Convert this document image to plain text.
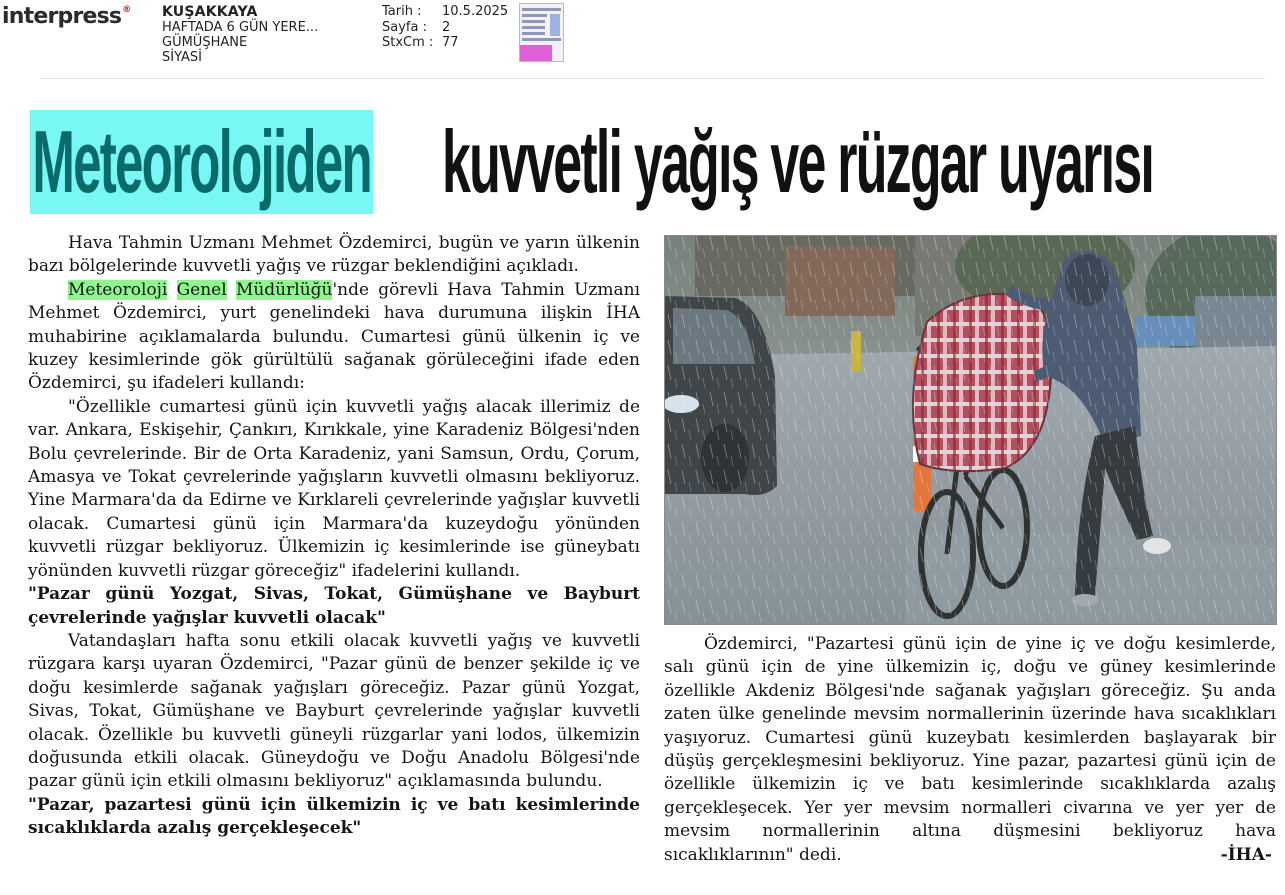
interpress® KUŞAKKAYA
HAFTADA 6 GÜN YERE...
GÜMÜŞHANE
SİYASİ
Tarih :	10.5.2025
Sayfa :	2
StxCm : 77
Meteorolojiden kuvvetli yağış ve rüzgar uyarısı

Hava Tahmin Uzmanı Mehmet Özdemirci, bugün ve yarın ülkenin bazı bölgelerinde kuvvetli yağış ve rüzgar beklendiğini açıkladı.

Meteoroloji Genel Müdürlüğü'nde görevli Hava Tahmin Uzmanı Mehmet Özdemirci, yurt genelindeki hava durumuna ilişkin İHA muhabirine açıklamalarda bulundu. Cumartesi günü ülkenin iç ve kuzey kesimlerinde gök gürültülü sağanak görüleceğini ifade eden Özdemirci, şu ifadeleri kullandı:

"Özellikle cumartesi günü için kuvvetli yağış alacak illerimiz de var. Ankara, Eskişehir, Çankırı, Kırıkkale, yine Karadeniz Bölgesi'nden Bolu çevrelerinde. Bir de Orta Karadeniz, yani Samsun, Ordu, Çorum, Amasya ve Tokat çevrelerinde yağışların kuvvetli olmasını bekliyoruz. Yine Marmara'da da Edirne ve Kırklareli çevrelerinde yağışlar kuvvetli olacak. Cumartesi günü için Marmara'da kuzeydoğu yönünden kuvvetli rüzgar bekliyoruz. Ülkemizin iç kesimlerinde ise güneybatı yönünden kuvvetli rüzgar göreceğiz" ifadelerini kullandı.

"Pazar günü Yozgat, Sivas, Tokat, Gümüşhane ve Bayburt çevrelerinde yağışlar kuvvetli olacak"

Vatandaşları hafta sonu etkili olacak kuvvetli yağış ve kuvvetli rüzgara karşı uyaran Özdemirci, "Pazar günü de benzer şekilde iç ve doğu kesimlerde sağanak yağışları göreceğiz. Pazar günü Yozgat, Sivas, Tokat, Gümüşhane ve Bayburt çevrelerinde yağışlar kuvvetli olacak. Özellikle bu kuvvetli güneyli rüzgarlar yani lodos, ülkemizin doğusunda etkili olacak. Güneydoğu ve Doğu Anadolu Bölgesi'nde pazar günü için etkili olmasını bekliyoruz" açıklamasında bulundu.

"Pazar, pazartesi günü için ülkemizin iç ve batı kesimlerinde sıcaklıklarda azalış gerçekleşecek"

Özdemirci, "Pazartesi günü için de yine iç ve doğu kesimlerde, salı günü için de yine ülkemizin iç, doğu ve güney kesimlerinde özellikle Akdeniz Bölgesi'nde sağanak yağışları göreceğiz. Şu anda zaten ülke genelinde mevsim normallerinin üzerinde hava sıcaklıkları yaşıyoruz. Cumartesi günü kuzeybatı kesimlerden başlayarak bir düşüş gerçekleşmesini bekliyoruz. Yine pazar, pazartesi günü için de özellikle ülkemizin iç ve batı kesimlerinde sıcaklıklarda azalış gerçekleşecek. Yer yer mevsim normalleri civarına ve yer yer de mevsim normallerinin altına düşmesini bekliyoruz hava sıcaklıklarının" dedi.	-İHA-
